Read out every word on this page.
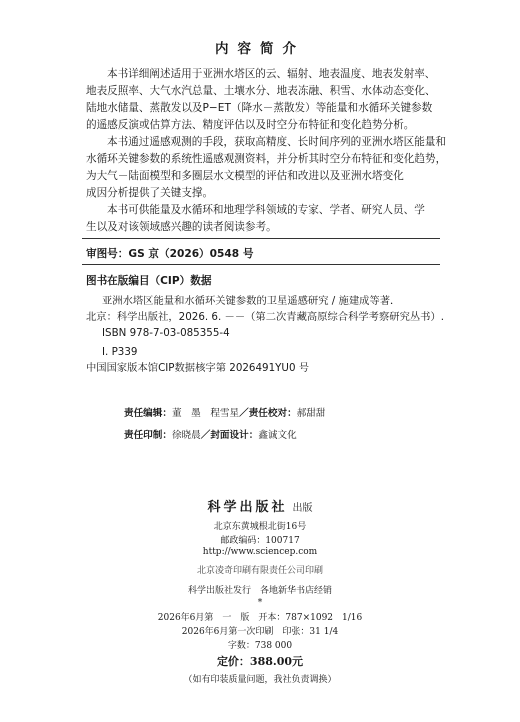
内容简介

本书详细阐述适用于亚洲水塔区的云、辐射、地表温度、地表发射率、
地表反照率、大气水汽总量、土壤水分、地表冻融、积雪、水体动态变化、
陆地水储量、蒸散发以及P−ET（降水－蒸散发）等能量和水循环关键参数
的遥感反演或估算方法、精度评估以及时空分布特征和变化趋势分析。

本书通过遥感观测的手段，获取高精度、长时间序列的亚洲水塔区能量和
水循环关键参数的系统性遥感观测资料，并分析其时空分布特征和变化趋势，
为大气－陆面模型和多圈层水文模型的评估和改进以及亚洲水塔变化
成因分析提供了关键支撑。

本书可供能量及水循环和地理学科领域的专家、学者、研究人员、学
生以及对该领域感兴趣的读者阅读参考。

审图号：GS 京（2026）0548 号
图书在版编目（CIP）数据
亚洲水塔区能量和水循环关键参数的卫星遥感研究 / 施建成等著．
北京：科学出版社，2026. 6. －－（第二次青藏高原综合科学考察研究丛书）.
ISBN 978-7-03-085355-4
Ⅰ. P339
中国国家版本馆CIP数据核字第 2026491YU0 号
责任编辑：董　墨　程雪星／责任校对：郝甜甜
责任印制：徐晓晨／封面设计：鑫诚文化
科学出版社 出版
北京东黄城根北街16号
邮政编码：100717
http://www.sciencep.com
北京凌奇印刷有限责任公司印刷
科学出版社发行　各地新华书店经销
*
2026年6月第　一　版　开本：787×1092　1/16
2026年6月第一次印刷　印张：31 1/4
字数：738 000
定价：388.00元
（如有印装质量问题，我社负责调换）
